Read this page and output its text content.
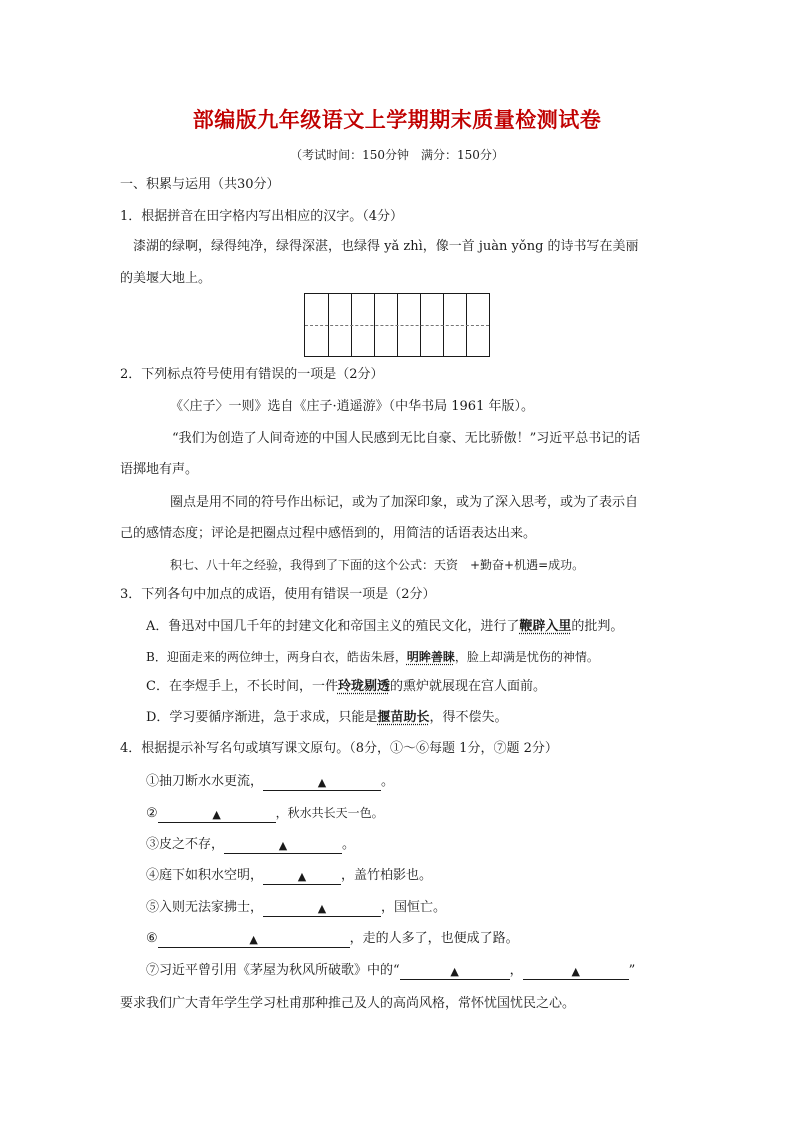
部编版九年级语文上学期期末质量检测试卷
（考试时间：150分钟　满分：150分）
一、积累与运用（共30分）
1．根据拼音在田字格内写出相应的汉字。（4分）
　漆湖的绿啊，绿得纯净，绿得深湛，也绿得 yǎ zhì，像一首 juàn yǒng 的诗书写在美丽
的美堰大地上。
2．下列标点符号使用有错误的一项是（2分）
《〈庄子〉一则》选自《庄子·逍遥游》（中华书局 1961 年版）。
“我们为创造了人间奇迹的中国人民感到无比自豪、无比骄傲！”习近平总书记的话
语掷地有声。
圈点是用不同的符号作出标记，或为了加深印象，或为了深入思考，或为了表示自
己的感情态度；评论是把圈点过程中感悟到的，用简洁的话语表达出来。
积七、八十年之经验，我得到了下面的这个公式：天资　+勤奋+机遇=成功。
3．下列各句中加点的成语，使用有错误一项是（2分）
A．鲁迅对中国几千年的封建文化和帝国主义的殖民文化，进行了鞭辟入里的批判。
B．迎面走来的两位绅士，两身白衣，皓齿朱唇，明眸善睐，脸上却满是忧伤的神情。
C．在李煜手上，不长时间，一件玲珑剔透的熏炉就展现在宫人面前。
D．学习要循序渐进，急于求成，只能是揠苗助长，得不偿失。
4．根据提示补写名句或填写课文原句。（8分，①～⑥每题 1分，⑦题 2分）
①抽刀断水水更流，	▲	。
②	▲	，秋水共长天一色。
③皮之不存，	▲	。
④庭下如积水空明，	▲	，盖竹柏影也。
⑤入则无法家拂士，	▲	，国恒亡。
⑥	▲	，走的人多了，也便成了路。
⑦习近平曾引用《茅屋为秋风所破歌》中的“	▲	，	▲	”
要求我们广大青年学生学习杜甫那种推己及人的高尚风格，常怀忧国忧民之心。
